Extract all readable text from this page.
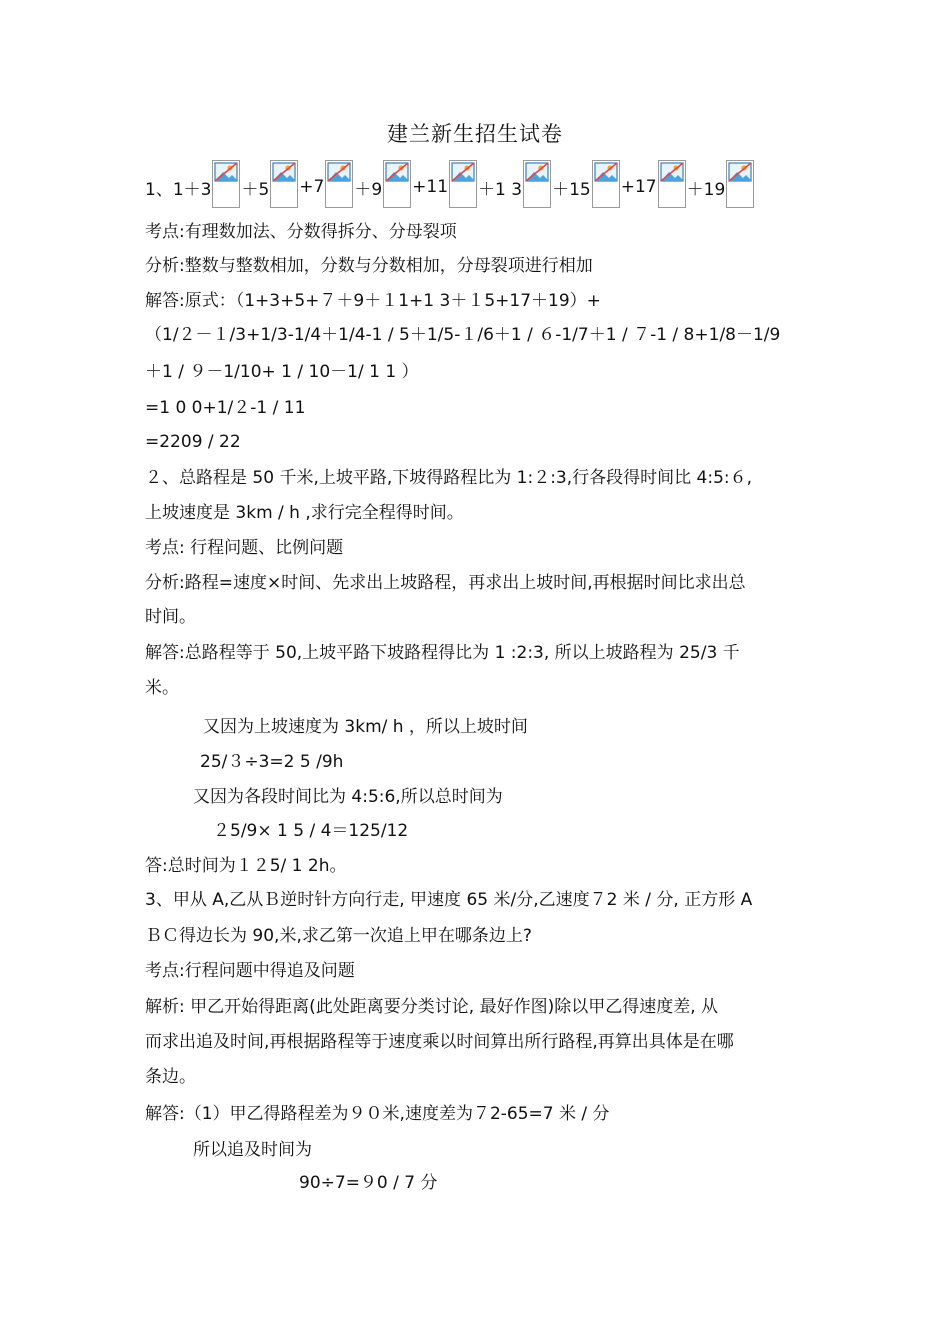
建兰新生招生试卷
1、1＋3 ＋5 +7 ＋9 +11 ＋1 3 ＋15 +17 ＋19
考点:有理数加法、分数得拆分、分母裂项
分析:整数与整数相加，分数与分数相加，分母裂项进行相加
解答:原式：（1+3+5+７＋9＋１1+1 3＋１5+17＋19）+
（1/２－１/3+1/3-1/4＋1/4-1 / 5＋1/5-１/6＋1 / ６-1/7＋1 / ７-1 / 8+1/8－1/9
＋1 / ９－1/10+ 1 / 10－1/ 1 1 ）
=1 0 0+1/２-1 / 11
=2209 / 22
２、总路程是 50 千米,上坡平路,下坡得路程比为 1:２:3,行各段得时间比 4:5:６,
上坡速度是 3km / h ,求行完全程得时间。
考点: 行程问题、比例问题
分析:路程=速度×时间、先求出上坡路程，再求出上坡时间,再根据时间比求出总
时间。
解答:总路程等于 50,上坡平路下坡路程得比为 1 :2:3, 所以上坡路程为 25/3 千
米。
又因为上坡速度为 3km/ h ，所以上坡时间
25/３÷3=2 5 /9h
又因为各段时间比为 4:5:6,所以总时间为
２5/9× 1 5 / 4＝125/12
答:总时间为１２5/ 1 2h。
3、甲从 A,乙从Ｂ逆时针方向行走, 甲速度 65 米/分,乙速度７2 米 / 分, 正方形 A
ＢＣ得边长为 90,米,求乙第一次追上甲在哪条边上?
考点:行程问题中得追及问题
解析: 甲乙开始得距离(此处距离要分类讨论, 最好作图)除以甲乙得速度差, 从
而求出追及时间,再根据路程等于速度乘以时间算出所行路程,再算出具体是在哪
条边。
解答:（1）甲乙得路程差为９０米,速度差为７2-65=7 米 / 分
所以追及时间为
90÷7=９0 / 7 分
